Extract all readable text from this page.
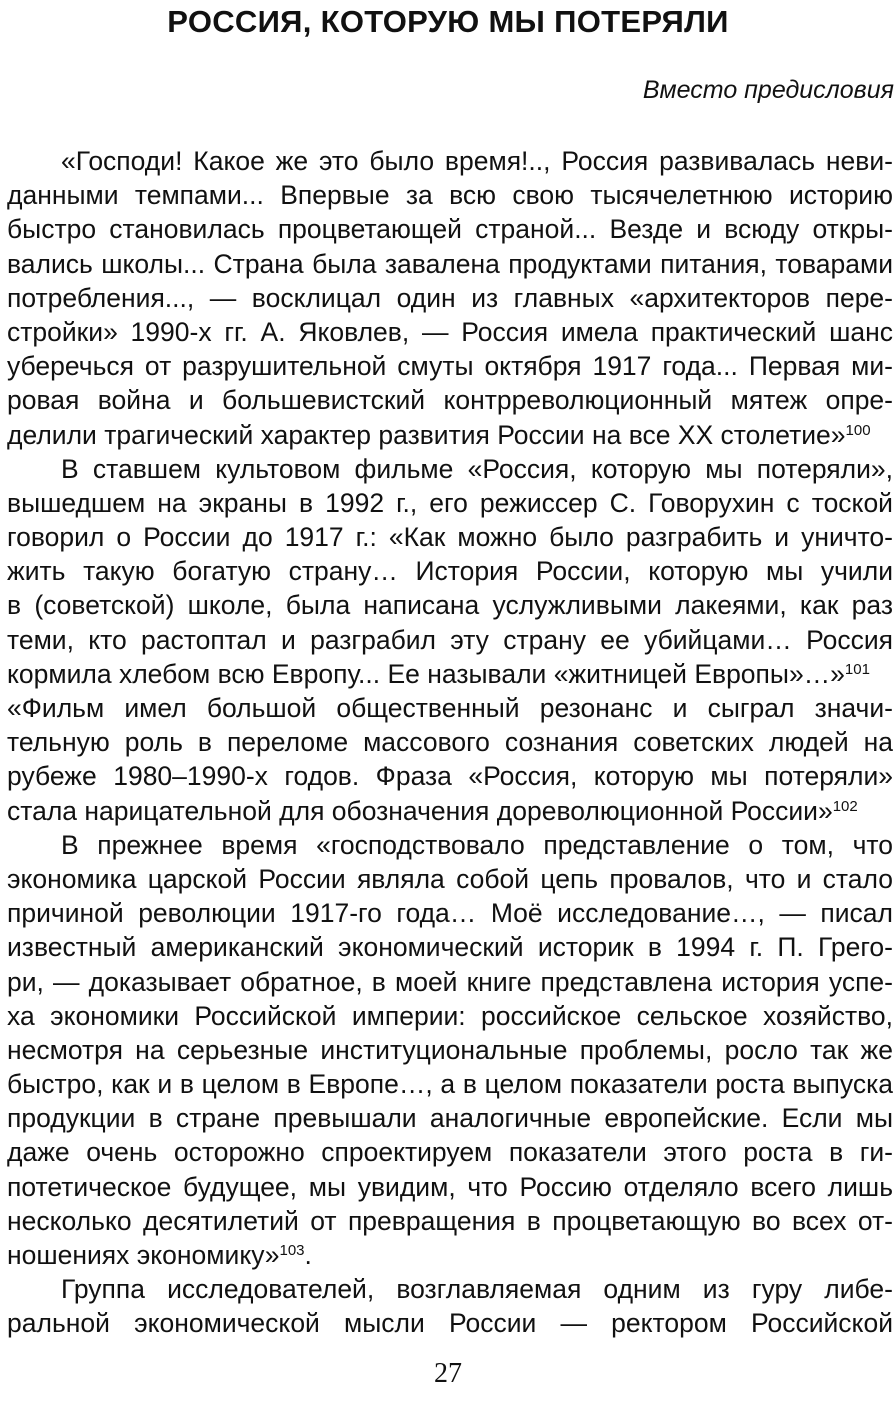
РОССИЯ, КОТОРУЮ МЫ ПОТЕРЯЛИ

Вместо предисловия

«Господи! Какое же это было время!.., Россия развивалась неви-
данными темпами... Впервые за всю свою тысячелетнюю историю
быстро становилась процветающей страной... Везде и всюду откры-
вались школы... Страна была завалена продуктами питания, товарами
потребления..., — восклицал один из главных «архитекторов пере-
стройки» 1990-х гг. А. Яковлев, — Россия имела практический шанс
уберечься от разрушительной смуты октября 1917 года... Первая ми-
ровая война и большевистский контрреволюционный мятеж опре-
делили трагический характер развития России на все XX столетие»$^{100}$
В ставшем культовом фильме «Россия, которую мы потеряли»,
вышедшем на экраны в 1992 г., его режиссер С. Говорухин с тоской
говорил о России до 1917 г.: «Как можно было разграбить и уничто-
жить такую богатую страну… История России, которую мы учили
в (советской) школе, была написана услужливыми лакеями, как раз
теми, кто растоптал и разграбил эту страну ее убийцами… Россия
кормила хлебом всю Европу... Ее называли «житницей Европы»…»$^{101}$
«Фильм имел большой общественный резонанс и сыграл значи-
тельную роль в переломе массового сознания советских людей на
рубеже 1980–1990-х годов. Фраза «Россия, которую мы потеряли»
стала нарицательной для обозначения дореволюционной России»$^{102}$
В прежнее время «господствовало представление о том, что
экономика царской России являла собой цепь провалов, что и стало
причиной революции 1917-го года… Моё исследование…, — писал
известный американский экономический историк в 1994 г. П. Грего-
ри, — доказывает обратное, в моей книге представлена история успе-
ха экономики Российской империи: российское сельское хозяйство,
несмотря на серьезные институциональные проблемы, росло так же
быстро, как и в целом в Европе…, а в целом показатели роста выпуска
продукции в стране превышали аналогичные европейские. Если мы
даже очень осторожно спроектируем показатели этого роста в ги-
потетическое будущее, мы увидим, что Россию отделяло всего лишь
несколько десятилетий от превращения в процветающую во всех от-
ношениях экономику»$^{103}$.
Группа исследователей, возглавляемая одним из гуру либе-
ральной экономической мысли России — ректором Российской

27
